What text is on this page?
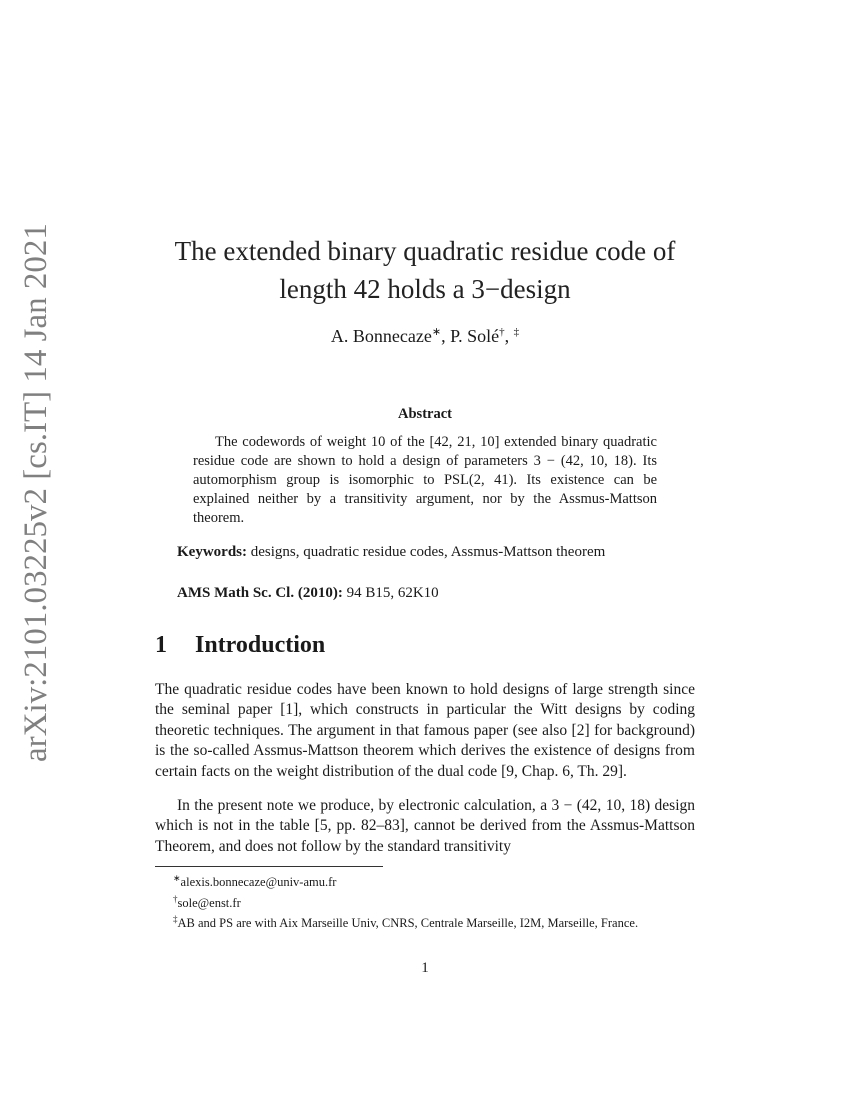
arXiv:2101.03225v2 [cs.IT] 14 Jan 2021	The extended binary quadratic residue code of
length 42 holds a 3−design
A. Bonnecaze∗, P. Solé†, ‡
Abstract
The codewords of weight 10 of the [42, 21, 10] extended binary quadratic residue code are shown to hold a design of parameters 3 − (42, 10, 18). Its automorphism group is isomorphic to PSL(2, 41). Its existence can be explained neither by a transitivity argument, nor by the Assmus-Mattson theorem.
Keywords: designs, quadratic residue codes, Assmus-Mattson theorem
AMS Math Sc. Cl. (2010): 94 B15, 62K10
1 Introduction
The quadratic residue codes have been known to hold designs of large strength since the seminal paper [1], which constructs in particular the Witt designs by coding theoretic techniques. The argument in that famous paper (see also [2] for background) is the so-called Assmus-Mattson theorem which derives the existence of designs from certain facts on the weight distribution of the dual code [9, Chap. 6, Th. 29].
In the present note we produce, by electronic calculation, a 3 − (42, 10, 18) design which is not in the table [5, pp. 82–83], cannot be derived from the Assmus-Mattson Theorem, and does not follow by the standard transitivity
∗alexis.bonnecaze@univ-amu.fr
†sole@enst.fr
‡AB and PS are with Aix Marseille Univ, CNRS, Centrale Marseille, I2M, Marseille, France.
1
